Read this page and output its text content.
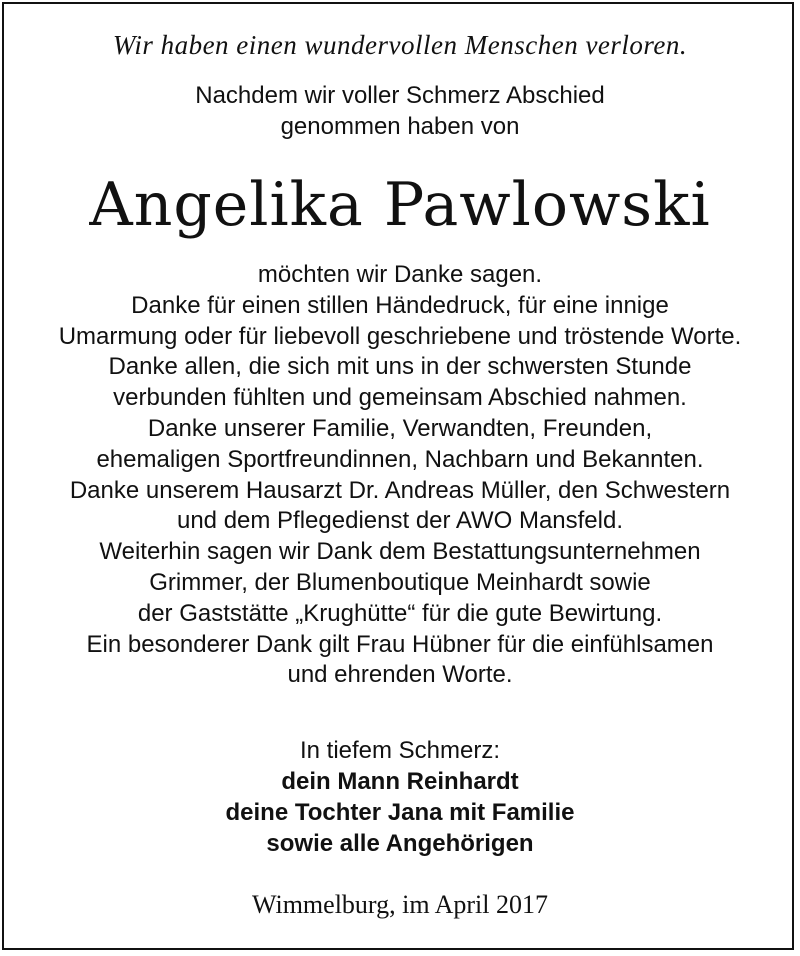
Wir haben einen wundervollen Menschen verloren.
Nachdem wir voller Schmerz Abschied
genommen haben von
Angelika Pawlowski
möchten wir Danke sagen.
Danke für einen stillen Händedruck, für eine innige
Umarmung oder für liebevoll geschriebene und tröstende Worte.
Danke allen, die sich mit uns in der schwersten Stunde
verbunden fühlten und gemeinsam Abschied nahmen.
Danke unserer Familie, Verwandten, Freunden,
ehemaligen Sportfreundinnen, Nachbarn und Bekannten.
Danke unserem Hausarzt Dr. Andreas Müller, den Schwestern
und dem Pflegedienst der AWO Mansfeld.
Weiterhin sagen wir Dank dem Bestattungsunternehmen
Grimmer, der Blumenboutique Meinhardt sowie
der Gaststätte „Krughütte“ für die gute Bewirtung.
Ein besonderer Dank gilt Frau Hübner für die einfühlsamen
und ehrenden Worte.
In tiefem Schmerz:
dein Mann Reinhardt
deine Tochter Jana mit Familie
sowie alle Angehörigen
Wimmelburg, im April 2017
